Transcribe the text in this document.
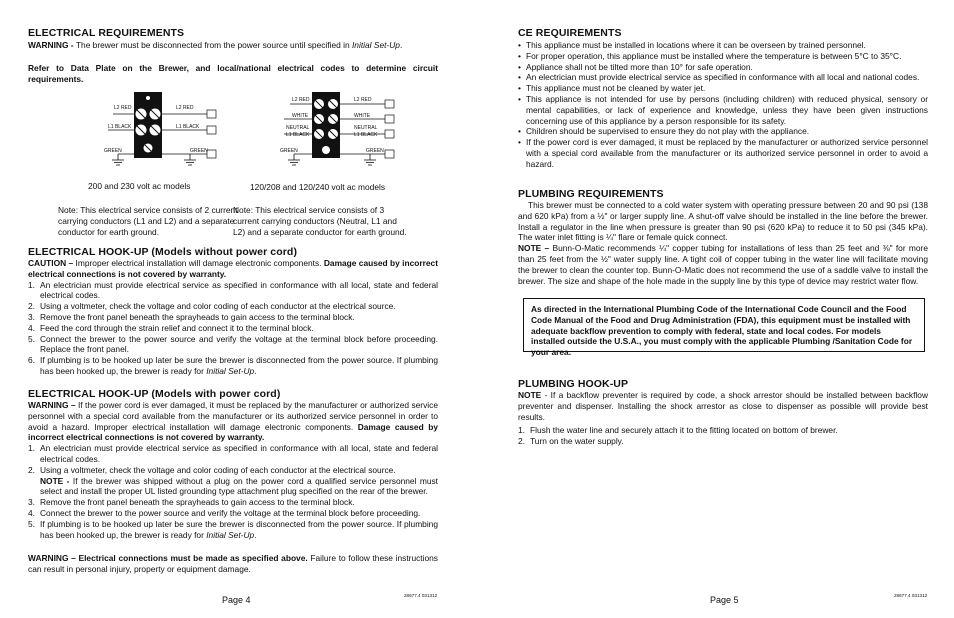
ELECTRICAL REQUIREMENTS

WARNING - The brewer must be disconnected from the power source until specified in Initial Set-Up.

Refer to Data Plate on the Brewer, and local/national electrical codes to determine circuit requirements.

L2 RED	L2 RED
L1 BLACK	L1 BLACK
GREEN	GREEN

200 and 230 volt ac models

Note: This electrical service consists of 2 current carrying conductors (L1 and L2) and a separate conductor for earth ground.

L2 RED	L2 RED
WHITE	WHITE
NEUTRAL	NEUTRAL
L1 BLACK	L1 BLACK
GREEN	GREEN

120/208 and 120/240 volt ac models

Note: This electrical service consists of 3 current carrying conductors (Neutral, L1 and L2) and a separate conductor for earth ground.

ELECTRICAL HOOK-UP (Models without power cord)

CAUTION – Improper electrical installation will damage electronic components. Damage caused by incorrect electrical connections is not covered by warranty.

1. An electrician must provide electrical service as specified in conformance with all local, state and federal electrical codes.
2. Using a voltmeter, check the voltage and color coding of each conductor at the electrical source.
3. Remove the front panel beneath the sprayheads to gain access to the terminal block.
4. Feed the cord through the strain relief and connect it to the terminal block.
5. Connect the brewer to the power source and verify the voltage at the terminal block before proceeding. Replace the front panel.
6. If plumbing is to be hooked up later be sure the brewer is disconnected from the power source. If plumbing has been hooked up, the brewer is ready for Initial Set-Up.

ELECTRICAL HOOK-UP (Models with power cord)

WARNING – If the power cord is ever damaged, it must be replaced by the manufacturer or authorized service personnel with a special cord available from the manufacturer or its authorized service personnel in order to avoid a hazard. Improper electrical installation will damage electronic components. Damage caused by incorrect electrical connections is not covered by warranty.

1. An electrician must provide electrical service as specified in conformance with all local, state and federal electrical codes.
2. Using a voltmeter, check the voltage and color coding of each conductor at the electrical source.
NOTE - If the brewer was shipped without a plug on the power cord a qualified service personnel must select and install the proper UL listed grounding type attachment plug specified on the rear of the brewer.
3. Remove the front panel beneath the sprayheads to gain access to the terminal block.
4. Connect the brewer to the power source and verify the voltage at the terminal block before proceeding.
5. If plumbing is to be hooked up later be sure the brewer is disconnected from the power source. If plumbing has been hooked up, the brewer is ready for Initial Set-Up.

WARNING – Electrical connections must be made as specified above. Failure to follow these instructions can result in personal injury, property or equipment damage.

Page 4	28677.4 031312

CE REQUIREMENTS

• This appliance must be installed in locations where it can be overseen by trained personnel.
• For proper operation, this appliance must be installed where the temperature is between 5°C to 35°C.
• Appliance shall not be tilted more than 10° for safe operation.
• An electrician must provide electrical service as specified in conformance with all local and national codes.
• This appliance must not be cleaned by water jet.
• This appliance is not intended for use by persons (including children) with reduced physical, sensory or mental capabilities, or lack of experience and knowledge, unless they have been given instructions concerning use of this appliance by a person responsible for its safety.
• Children should be supervised to ensure they do not play with the appliance.
• If the power cord is ever damaged, it must be replaced by the manufacturer or authorized service personnel with a special cord available from the manufacturer or its authorized service personnel in order to avoid a hazard.

PLUMBING REQUIREMENTS

This brewer must be connected to a cold water system with operating pressure between 20 and 90 psi (138 and 620 kPa) from a ½" or larger supply line. A shut-off valve should be installed in the line before the brewer. Install a regulator in the line when pressure is greater than 90 psi (620 kPa) to reduce it to 50 psi (345 kPa). The water inlet fitting is ¼" flare or female quick connect.

NOTE – Bunn-O-Matic recommends ¼" copper tubing for installations of less than 25 feet and ⅜" for more than 25 feet from the ½" water supply line. A tight coil of copper tubing in the water line will facilitate moving the brewer to clean the counter top. Bunn-O-Matic does not recommend the use of a saddle valve to install the brewer. The size and shape of the hole made in the supply line by this type of device may restrict water flow.

As directed in the International Plumbing Code of the International Code Council and the Food Code Manual of the Food and Drug Administration (FDA), this equipment must be installed with adequate backflow prevention to comply with federal, state and local codes. For models installed outside the U.S.A., you must comply with the applicable Plumbing /Sanitation Code for your area.

PLUMBING HOOK-UP

NOTE - If a backflow preventer is required by code, a shock arrestor should be installed between backflow preventer and dispenser. Installing the shock arrestor as close to dispenser as possible will provide best results.

1. Flush the water line and securely attach it to the fitting located on bottom of brewer.
2. Turn on the water supply.

Page 5	28677.4 031312
